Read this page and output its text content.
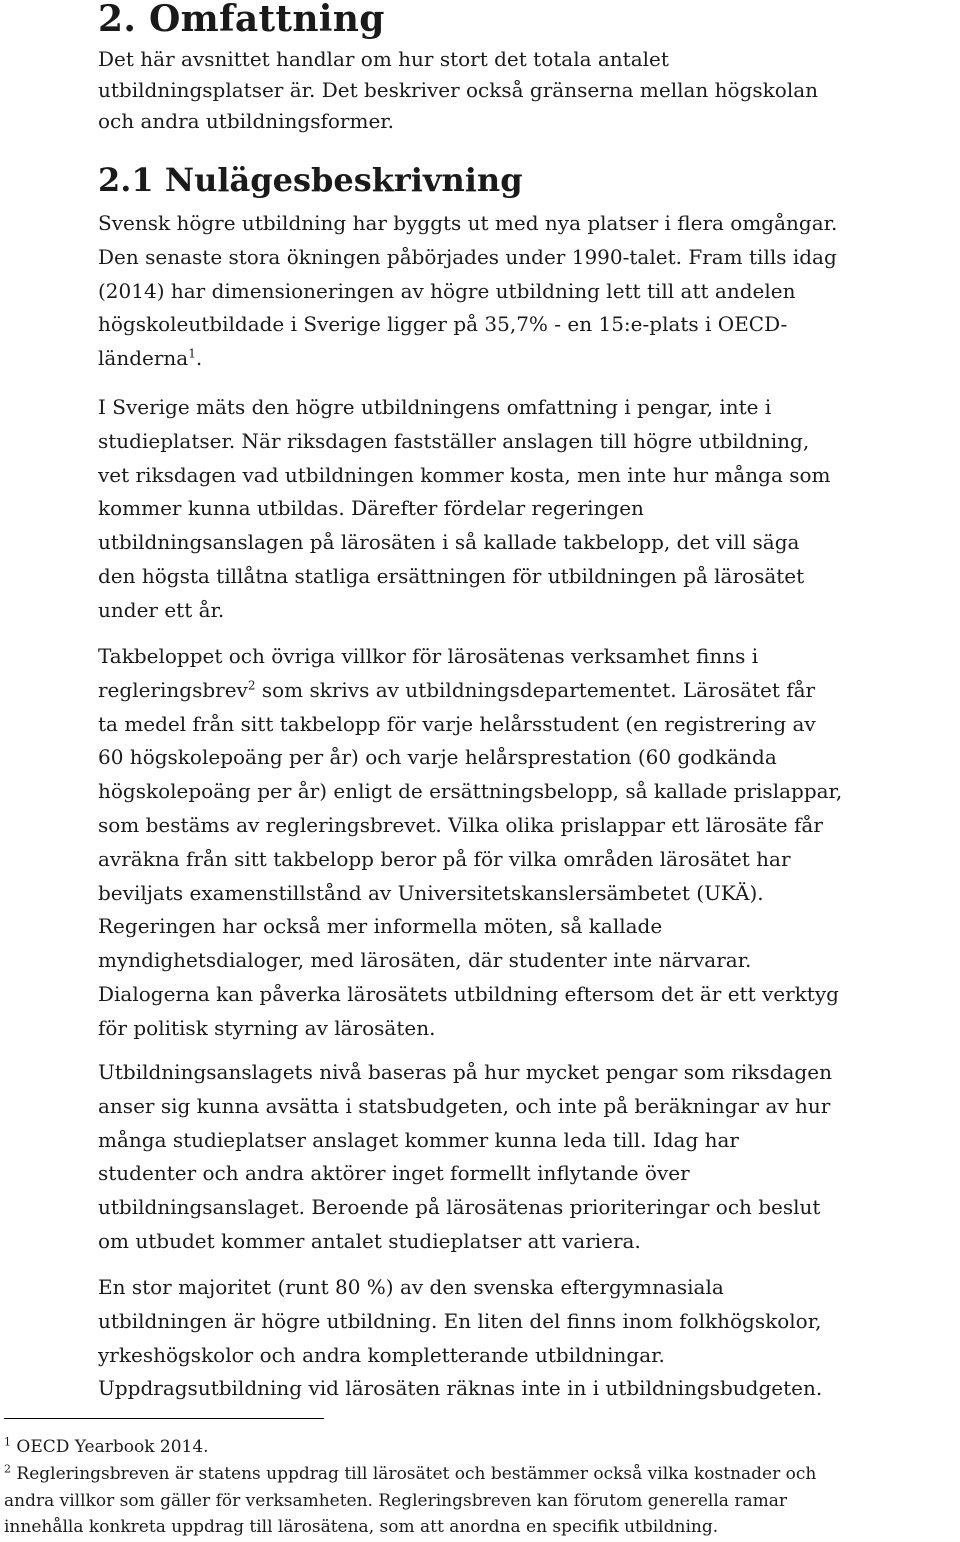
2. Omfattning

Det här avsnittet handlar om hur stort det totala antalet
utbildningsplatser är. Det beskriver också gränserna mellan högskolan
och andra utbildningsformer.

2.1 Nulägesbeskrivning

Svensk högre utbildning har byggts ut med nya platser i flera omgångar.
Den senaste stora ökningen påbörjades under 1990-talet. Fram tills idag
(2014) har dimensioneringen av högre utbildning lett till att andelen
högskoleutbildade i Sverige ligger på 35,7% - en 15:e-plats i OECD-
länderna$^1$.

I Sverige mäts den högre utbildningens omfattning i pengar, inte i
studieplatser. När riksdagen fastställer anslagen till högre utbildning,
vet riksdagen vad utbildningen kommer kosta, men inte hur många som
kommer kunna utbildas. Därefter fördelar regeringen
utbildningsanslagen på lärosäten i så kallade takbelopp, det vill säga
den högsta tillåtna statliga ersättningen för utbildningen på lärosätet
under ett år.

Takbeloppet och övriga villkor för lärosätenas verksamhet finns i
regleringsbrev$^2$ som skrivs av utbildningsdepartementet. Lärosätet får
ta medel från sitt takbelopp för varje helårsstudent (en registrering av
60 högskolepoäng per år) och varje helårsprestation (60 godkända
högskolepoäng per år) enligt de ersättningsbelopp, så kallade prislappar,
som bestäms av regleringsbrevet. Vilka olika prislappar ett lärosäte får
avräkna från sitt takbelopp beror på för vilka områden lärosätet har
beviljats examenstillstånd av Universitetskanslersämbetet (UKÄ).
Regeringen har också mer informella möten, så kallade
myndighetsdialoger, med lärosäten, där studenter inte närvarar.
Dialogerna kan påverka lärosätets utbildning eftersom det är ett verktyg
för politisk styrning av lärosäten.

Utbildningsanslagets nivå baseras på hur mycket pengar som riksdagen
anser sig kunna avsätta i statsbudgeten, och inte på beräkningar av hur
många studieplatser anslaget kommer kunna leda till. Idag har
studenter och andra aktörer inget formellt inflytande över
utbildningsanslaget. Beroende på lärosätenas prioriteringar och beslut
om utbudet kommer antalet studieplatser att variera.

En stor majoritet (runt 80 %) av den svenska eftergymnasiala
utbildningen är högre utbildning. En liten del finns inom folkhögskolor,
yrkeshögskolor och andra kompletterande utbildningar.
Uppdragsutbildning vid lärosäten räknas inte in i utbildningsbudgeten.

$^1$ OECD Yearbook 2014.

$^2$ Regleringsbreven är statens uppdrag till lärosätet och bestämmer också vilka kostnader och
andra villkor som gäller för verksamheten. Regleringsbreven kan förutom generella ramar
innehålla konkreta uppdrag till lärosätena, som att anordna en specifik utbildning.
